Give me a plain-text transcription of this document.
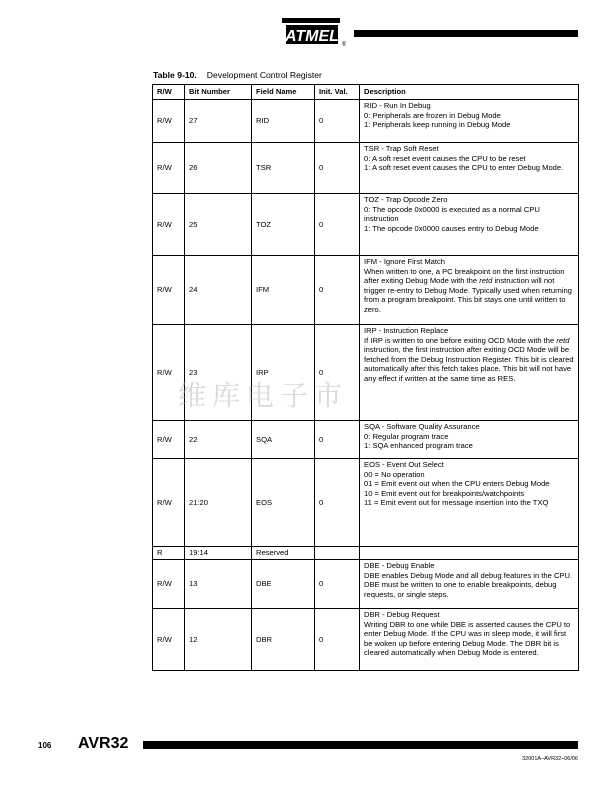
ATMEL ®
Table 9-10. Development Control Register
R/W	Bit Number	Field Name	Init. Val.	Description
R/W	27	RID	0	RID - Run In Debug
0: Peripherals are frozen in Debug Mode
1: Peripherals keep running in Debug Mode

R/W	26	TSR	0	TSR - Trap Soft Reset
0: A soft reset event causes the CPU to be reset
1: A soft reset event causes the CPU to enter Debug Mode.

R/W	25	TOZ	0	TOZ - Trap Opcode Zero
0: The opcode 0x0000 is executed as a normal CPU instruction
1: The opcode 0x0000 causes entry to Debug Mode

R/W	24	IFM	0	IFM - Ignore First Match
When written to one, a PC breakpoint on the first instruction after exiting Debug Mode with the retd instruction will not trigger re-entry to Debug Mode. Typically used when returning from a program breakpoint. This bit stays one until written to zero.

R/W	23	IRP	0	IRP - Instruction Replace
If IRP is written to one before exiting OCD Mode with the retd instruction, the first instruction after exiting OCD Mode will be fetched from the Debug Instruction Register. This bit is cleared automatically after this fetch takes place. This bit will not have any effect if written at the same time as RES.

R/W	22	SQA	0	SQA - Software Quality Assurance
0: Regular program trace
1: SQA enhanced program trace

R/W	21:20	EOS	0	EOS - Event Out Select
00 = No operation
01 = Emit event out when the CPU enters Debug Mode
10 = Emit event out for breakpoints/watchpoints
11 = Emit event out for message insertion into the TXQ

R	19:14	Reserved		
R/W	13	DBE	0	DBE - Debug Enable
DBE enables Debug Mode and all debug features in the CPU. DBE must be written to one to enable breakpoints, debug requests, or single steps.

R/W	12	DBR	0	DBR - Debug Request
Writing DBR to one while DBE is asserted causes the CPU to enter Debug Mode. If the CPU was in sleep mode, it will first be woken up before entering Debug Mode. The DBR bit is cleared automatically when Debug Mode is entered.
维库电子市
106 AVR32
32001A–AVR32–06/06
